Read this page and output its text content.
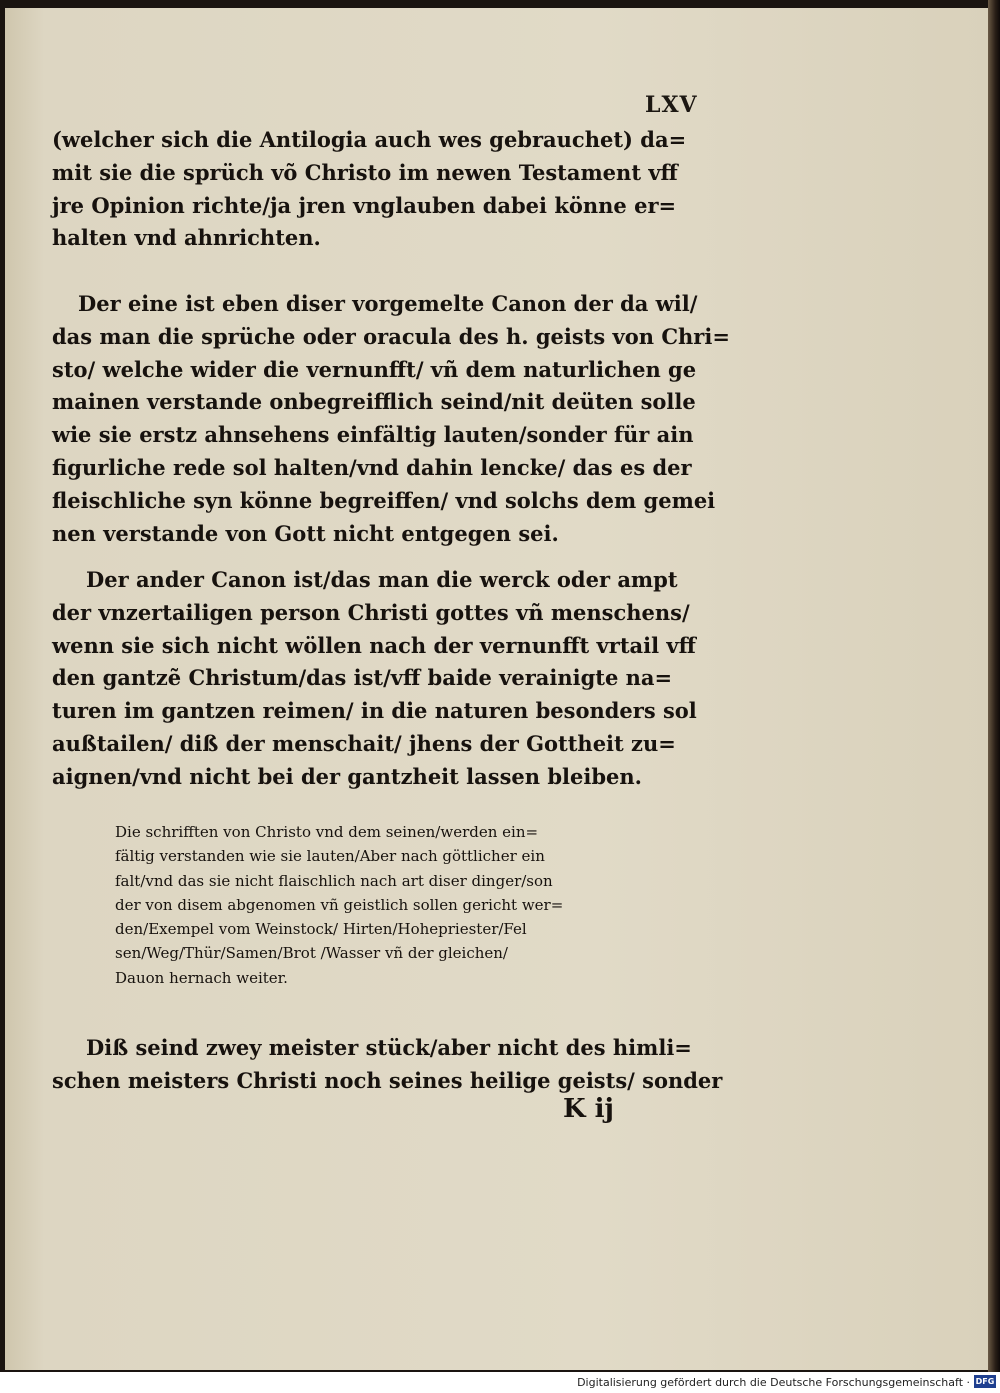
LXV
(welcher sich die Antilogia auch wes gebrauchet) da=
mit sie die sprüch võ Christo im newen Testament vff
jre Opinion richte/ja jren vnglauben dabei könne er=
halten vnd ahnrichten.
Der eine ist eben diser vorgemelte Canon der da wil/
das man die sprüche oder oracula des h. geists von Chri=
sto/ welche wider die vernunfft/ vñ dem naturlichen ge
mainen verstande onbegreifflich seind/nit deüten solle
wie sie erstz ahnsehens einfältig lauten/sonder für ain
figurliche rede sol halten/vnd dahin lencke/ das es der
fleischliche syn könne begreiffen/ vnd solchs dem gemei
nen verstande von Gott nicht entgegen sei.
Der ander Canon ist/das man die werck oder ampt
der vnzertailigen person Christi gottes vñ menschens/
wenn sie sich nicht wöllen nach der vernunfft vrtail vff
den gantzẽ Christum/das ist/vff baide verainigte na=
turen im gantzen reimen/ in die naturen besonders sol
außtailen/ diß der menschait/ jhens der Gottheit zu=
aignen/vnd nicht bei der gantzheit lassen bleiben.
Die schrifften von Christo vnd dem seinen/werden ein=
fältig verstanden wie sie lauten/Aber nach göttlicher ein
falt/vnd das sie nicht flaischlich nach art diser dinger/son
der von disem abgenomen vñ geistlich sollen gericht wer=
den/Exempel vom Weinstock/ Hirten/Hohepriester/Fel
sen/Weg/Thür/Samen/Brot /Wasser vñ der gleichen/
Dauon hernach weiter.
Diß seind zwey meister stück/aber nicht des himli=
schen meisters Christi noch seines heilige geists/ sonder
K ij
Digitalisierung gefördert durch die Deutsche Forschungsgemeinschaft · DFG
